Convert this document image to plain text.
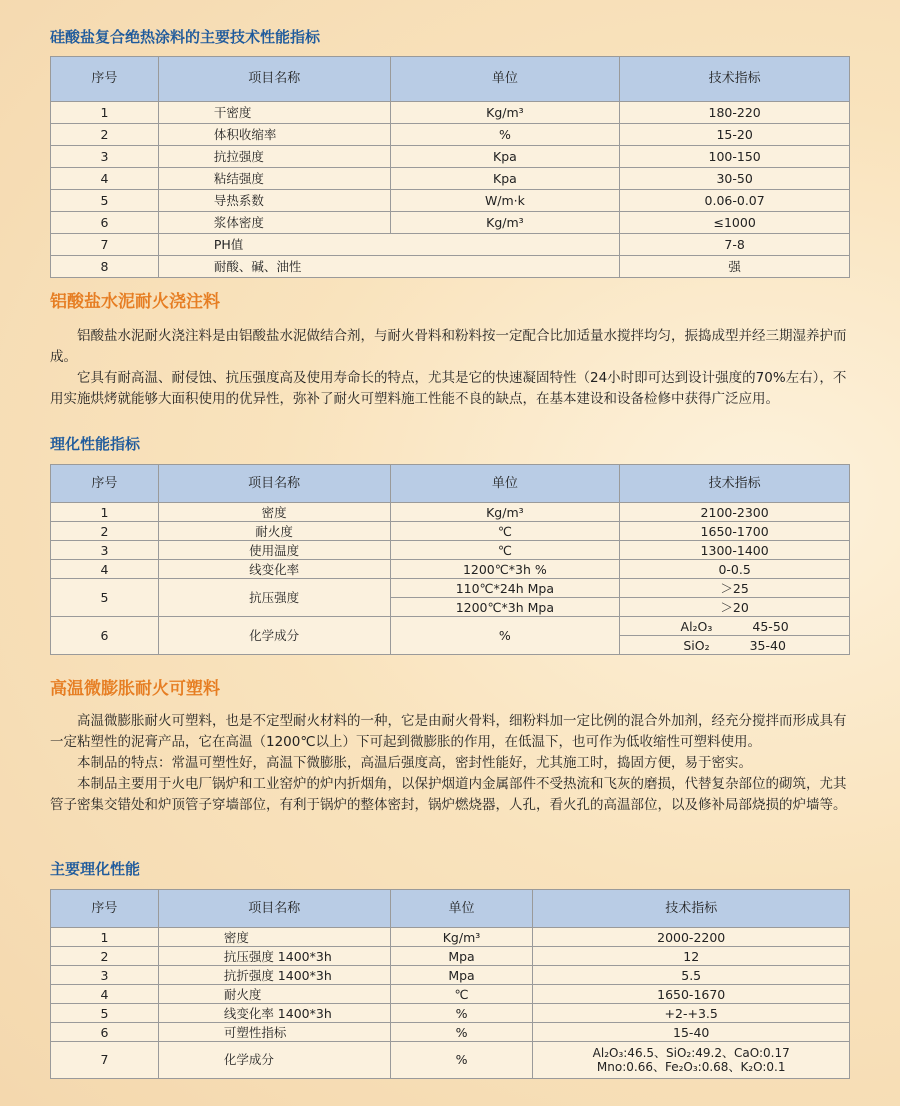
硅酸盐复合绝热涂料的主要技术性能指标
序号	项目名称	单位	技术指标
1	干密度	Kg/m³	180-220
2	体积收缩率	%	15-20
3	抗拉强度	Kpa	100-150
4	粘结强度	Kpa	30-50
5	导热系数	W/m·k	0.06-0.07
6	浆体密度	Kg/m³	≤1000
7	PH值		7-8
8	耐酸、碱、油性		强
铝酸盐水泥耐火浇注料

铝酸盐水泥耐火浇注料是由铝酸盐水泥做结合剂，与耐火骨料和粉料按一定配合比加适量水搅拌均匀，振捣成型并经三期湿养护而成。

它具有耐高温、耐侵蚀、抗压强度高及使用寿命长的特点，尤其是它的快速凝固特性（24小时即可达到设计强度的70%左右），不用实施烘烤就能够大面积使用的优异性，弥补了耐火可塑料施工性能不良的缺点，在基本建设和设备检修中获得广泛应用。

理化性能指标
序号	项目名称	单位	技术指标
1	密度	Kg/m³	2100-2300
2	耐火度	℃	1650-1700
3	使用温度	℃	1300-1400
4	线变化率	1200℃*3h %	0-0.5
5	抗压强度	110℃*24h Mpa	＞25
		1200℃*3h Mpa	＞20
6	化学成分	%	Al₂O₃ 45-50
			SiO₂ 35-40
高温微膨胀耐火可塑料

高温微膨胀耐火可塑料，也是不定型耐火材料的一种，它是由耐火骨料，细粉料加一定比例的混合外加剂，经充分搅拌而形成具有一定粘塑性的泥膏产品，它在高温（1200℃以上）下可起到微膨胀的作用，在低温下，也可作为低收缩性可塑料使用。

本制品的特点：常温可塑性好，高温下微膨胀，高温后强度高，密封性能好，尤其施工时，捣固方便，易于密实。

本制品主要用于火电厂锅炉和工业窑炉的炉内折烟角，以保护烟道内金属部件不受热流和飞灰的磨损，代替复杂部位的砌筑，尤其管子密集交错处和炉顶管子穿墙部位，有利于锅炉的整体密封，锅炉燃烧器，人孔，看火孔的高温部位，以及修补局部烧损的炉墙等。

主要理化性能
序号	项目名称	单位	技术指标
1	密度	Kg/m³	2000-2200
2	抗压强度 1400*3h	Mpa	12
3	抗折强度 1400*3h	Mpa	5.5
4	耐火度	℃	1650-1670
5	线变化率 1400*3h	%	+2-+3.5
6	可塑性指标	%	15-40
7	化学成分	%	Al₂O₃:46.5、SiO₂:49.2、CaO:0.17
Mno:0.66、Fe₂O₃:0.68、K₂O:0.1
